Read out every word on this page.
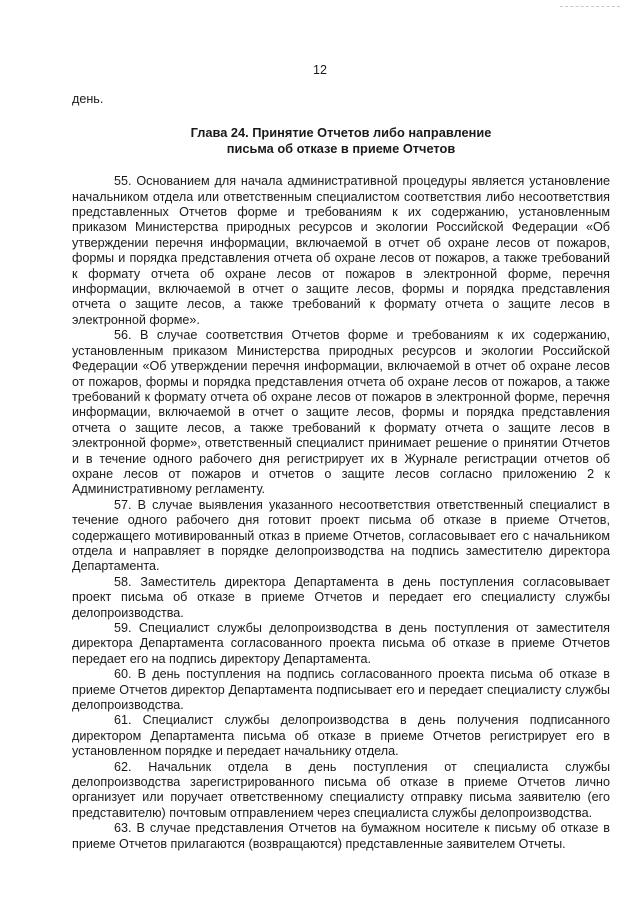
12

день.

Глава 24. Принятие Отчетов либо направление
письма об отказе в приеме Отчетов

55. Основанием для начала административной процедуры является установление начальником отдела или ответственным специалистом соответствия либо несоответствия представленных Отчетов форме и требованиям к их содержанию, установленным приказом Министерства природных ресурсов и экологии Российской Федерации «Об утверждении перечня информации, включаемой в отчет об охране лесов от пожаров, формы и порядка представления отчета об охране лесов от пожаров, а также требований к формату отчета об охране лесов от пожаров в электронной форме, перечня информации, включаемой в отчет о защите лесов, формы и порядка представления отчета о защите лесов, а также требований к формату отчета о защите лесов в электронной форме».

56. В случае соответствия Отчетов форме и требованиям к их содержанию, установленным приказом Министерства природных ресурсов и экологии Российской Федерации «Об утверждении перечня информации, включаемой в отчет об охране лесов от пожаров, формы и порядка представления отчета об охране лесов от пожаров, а также требований к формату отчета об охране лесов от пожаров в электронной форме, перечня информации, включаемой в отчет о защите лесов, формы и порядка представления отчета о защите лесов, а также требований к формату отчета о защите лесов в электронной форме», ответственный специалист принимает решение о принятии Отчетов и в течение одного рабочего дня регистрирует их в Журнале регистрации отчетов об охране лесов от пожаров и отчетов о защите лесов согласно приложению 2 к Административному регламенту.

57. В случае выявления указанного несоответствия ответственный специалист в течение одного рабочего дня готовит проект письма об отказе в приеме Отчетов, содержащего мотивированный отказ в приеме Отчетов, согласовывает его с начальником отдела и направляет в порядке делопроизводства на подпись заместителю директора Департамента.

58. Заместитель директора Департамента в день поступления согласовывает проект письма об отказе в приеме Отчетов и передает его специалисту службы делопроизводства.

59. Специалист службы делопроизводства в день поступления от заместителя директора Департамента согласованного проекта письма об отказе в приеме Отчетов передает его на подпись директору Департамента.

60. В день поступления на подпись согласованного проекта письма об отказе в приеме Отчетов директор Департамента подписывает его и передает специалисту службы делопроизводства.

61. Специалист службы делопроизводства в день получения подписанного директором Департамента письма об отказе в приеме Отчетов регистрирует его в установленном порядке и передает начальнику отдела.

62. Начальник отдела в день поступления от специалиста службы делопроизводства зарегистрированного письма об отказе в приеме Отчетов лично организует или поручает ответственному специалисту отправку письма заявителю (его представителю) почтовым отправлением через специалиста службы делопроизводства.

63. В случае представления Отчетов на бумажном носителе к письму об отказе в приеме Отчетов прилагаются (возвращаются) представленные заявителем Отчеты.
